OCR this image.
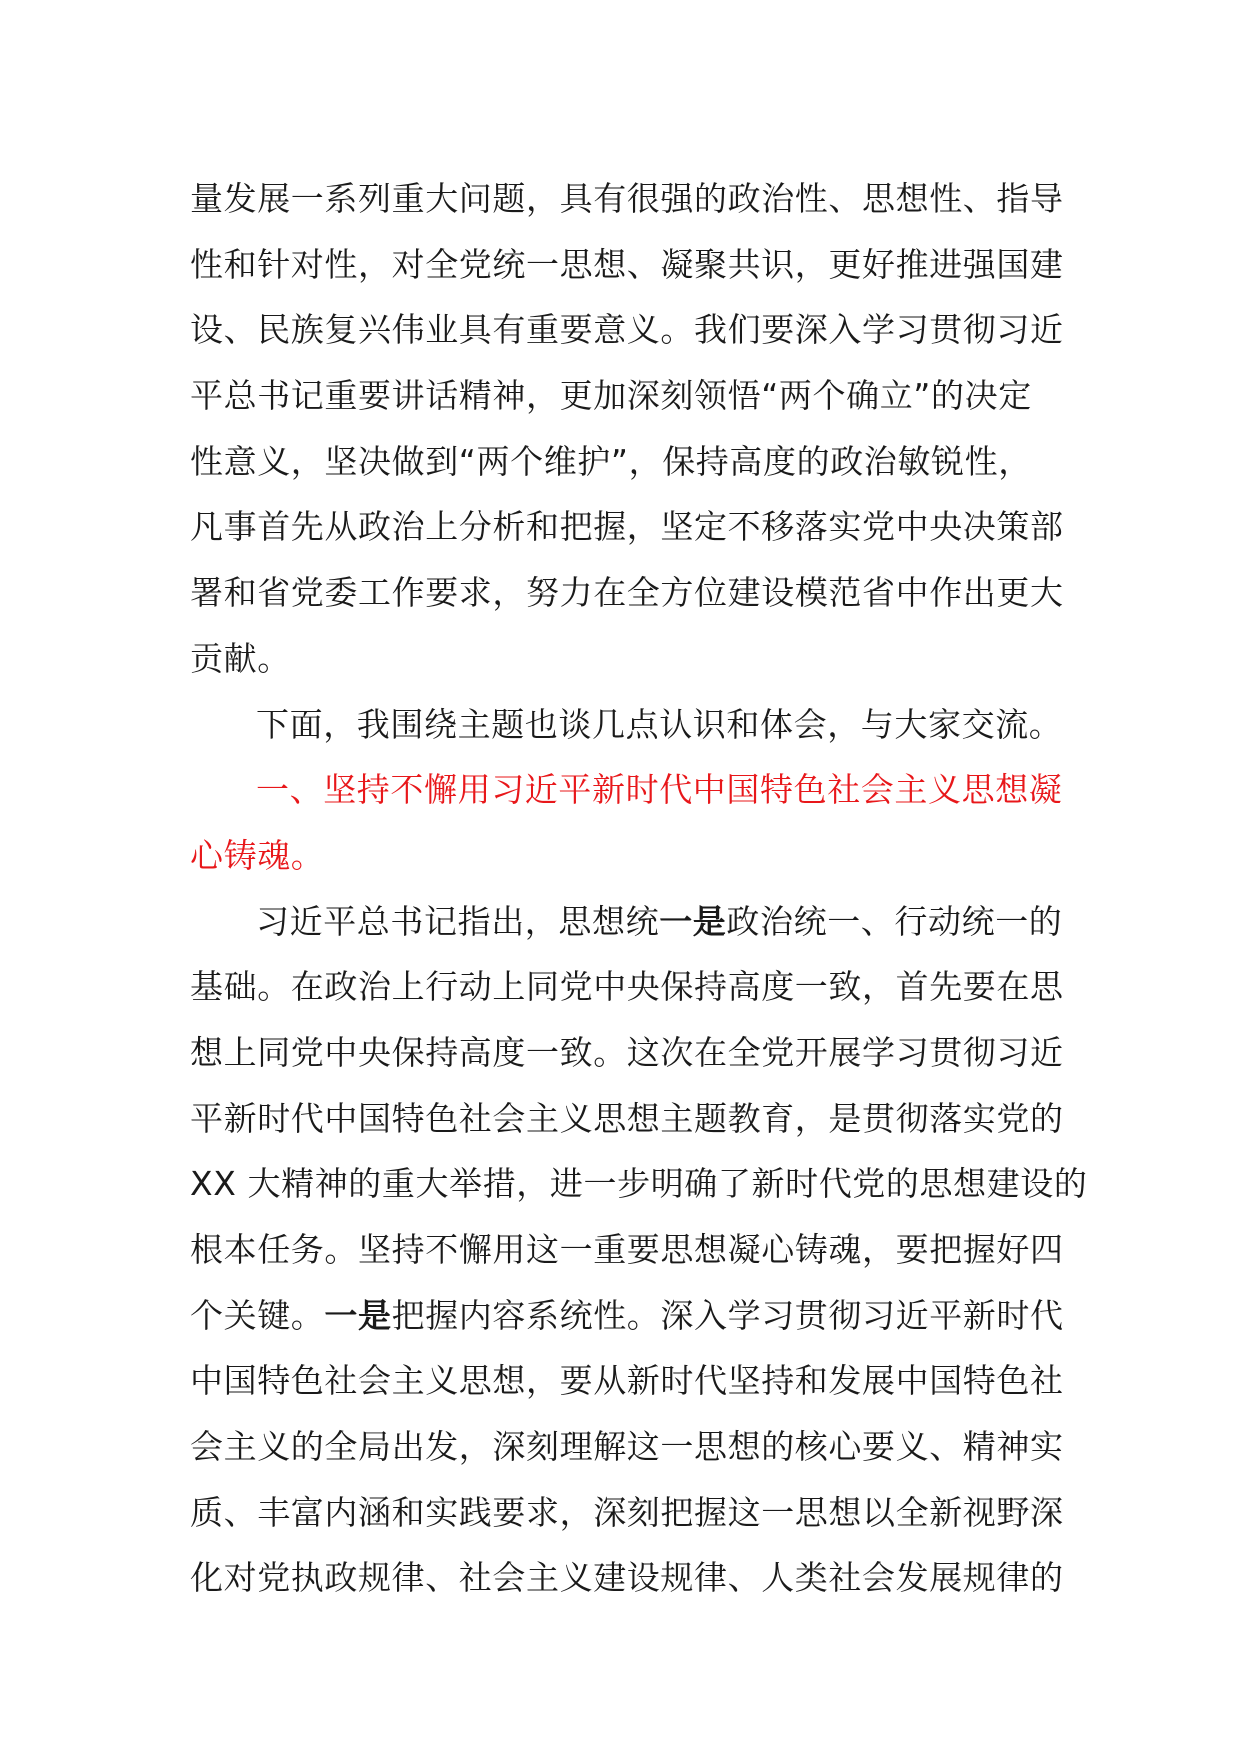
量发展一系列重大问题，具有很强的政治性、思想性、指导
性和针对性，对全党统一思想、凝聚共识，更好推进强国建
设、民族复兴伟业具有重要意义。我们要深入学习贯彻习近
平总书记重要讲话精神，更加深刻领悟“两个确立”的决定
性意义，坚决做到“两个维护”，保持高度的政治敏锐性，
凡事首先从政治上分析和把握，坚定不移落实党中央决策部
署和省党委工作要求，努力在全方位建设模范省中作出更大
贡献。
下面，我围绕主题也谈几点认识和体会，与大家交流。
一、坚持不懈用习近平新时代中国特色社会主义思想凝
心铸魂。
习近平总书记指出，思想统一是政治统一、行动统一的
基础。在政治上行动上同党中央保持高度一致，首先要在思
想上同党中央保持高度一致。这次在全党开展学习贯彻习近
平新时代中国特色社会主义思想主题教育，是贯彻落实党的
XX 大精神的重大举措，进一步明确了新时代党的思想建设的
根本任务。坚持不懈用这一重要思想凝心铸魂，要把握好四
个关键。一是把握内容系统性。深入学习贯彻习近平新时代
中国特色社会主义思想，要从新时代坚持和发展中国特色社
会主义的全局出发，深刻理解这一思想的核心要义、精神实
质、丰富内涵和实践要求，深刻把握这一思想以全新视野深
化对党执政规律、社会主义建设规律、人类社会发展规律的
